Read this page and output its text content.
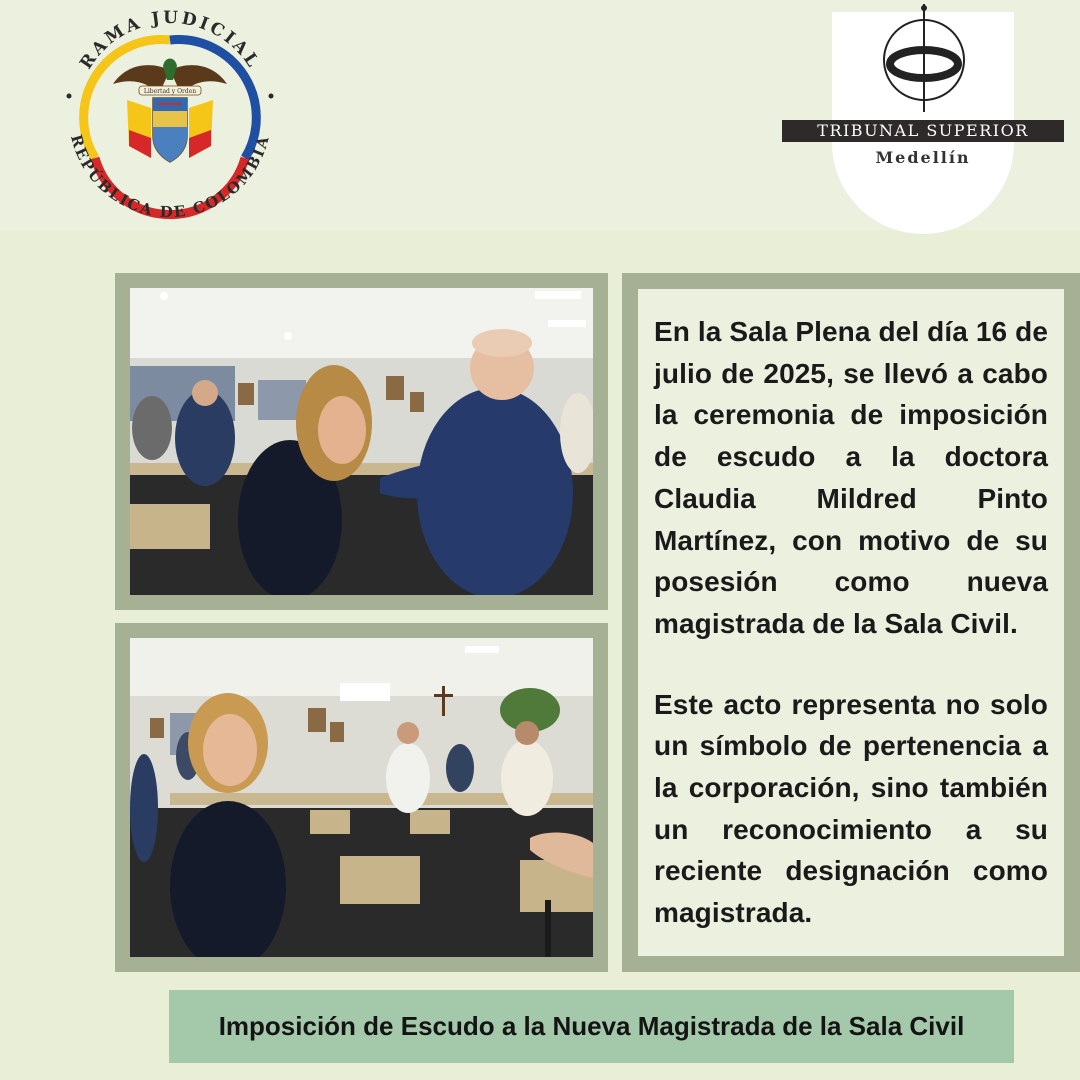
Libertad y Orden
RAMA JUDICIAL
REPÚBLICA DE COLOMBIA
TRIBUNAL SUPERIOR
Medellín

En la Sala Plena del día 16 de julio de 2025, se llevó a cabo la ceremonia de imposición de escudo a la doctora Claudia Mildred Pinto Martínez, con motivo de su posesión como nueva magistrada de la Sala Civil.

Este acto representa no solo un símbolo de pertenencia a la corporación, sino también un reconocimiento a su reciente designación como magistrada.

Imposición de Escudo a la Nueva Magistrada de la Sala Civil
